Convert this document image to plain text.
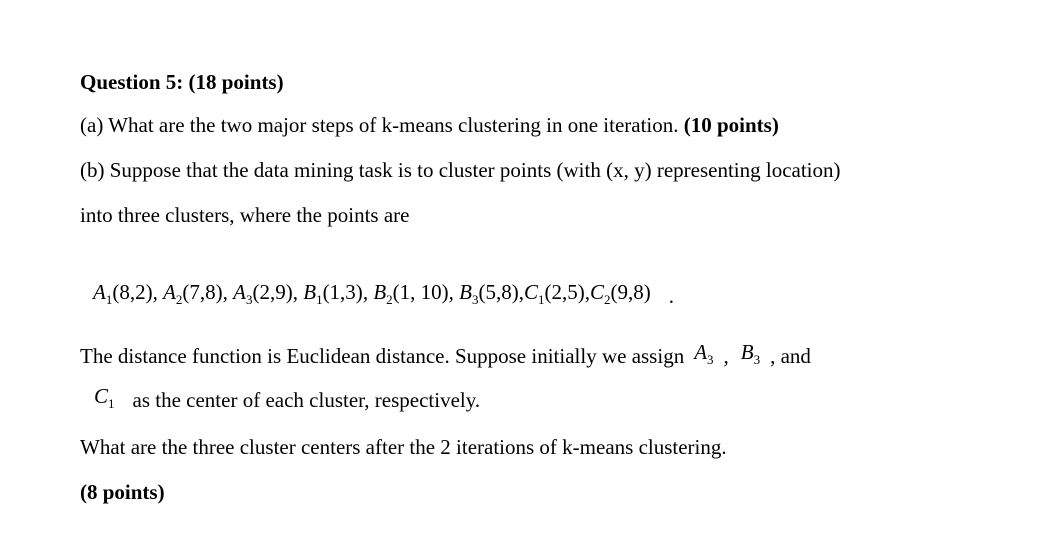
Question 5: (18 points)
(a) What are the two major steps of k-means clustering in one iteration. (10 points)
(b) Suppose that the data mining task is to cluster points (with (x, y) representing location)
into three clusters, where the points are
$A_1(8,2)$, $A_2(7,8)$, $A_3(2,9)$, $B_1(1,3)$, $B_2(1$, 10), $B_3(5,8),C_1(2,5),C_2(9,8)$ .
The distance function is Euclidean distance. Suppose initially we assign $A_3$ , $B_3$ , and
$C_1$ as the center of each cluster, respectively.
What are the three cluster centers after the 2 iterations of k-means clustering.
(8 points)
